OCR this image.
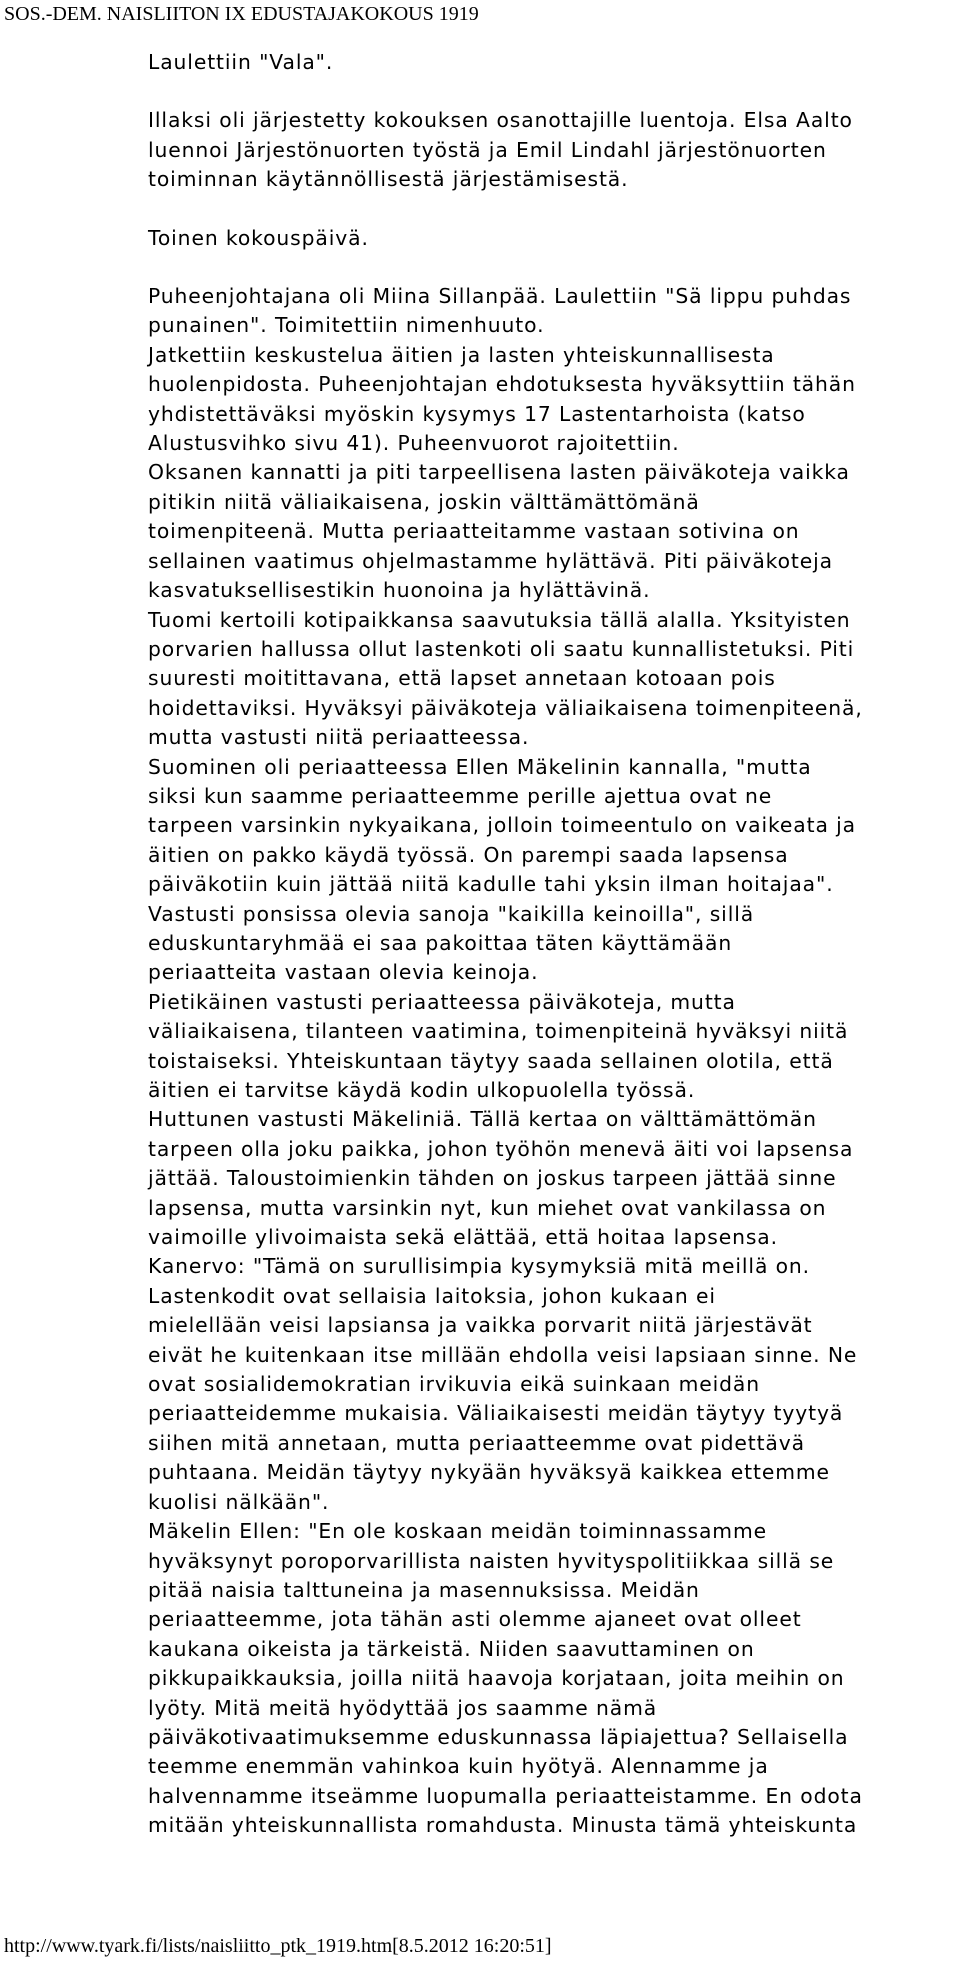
SOS.-DEM. NAISLIITON IX EDUSTAJAKOKOUS 1919

Laulettiin "Vala".

Illaksi oli järjestetty kokouksen osanottajille luentoja. Elsa Aalto

luennoi Järjestönuorten työstä ja Emil Lindahl järjestönuorten

toiminnan käytännöllisestä järjestämisestä.

Toinen kokouspäivä.

Puheenjohtajana oli Miina Sillanpää. Laulettiin "Sä lippu puhdas

punainen". Toimitettiin nimenhuuto.

Jatkettiin keskustelua äitien ja lasten yhteiskunnallisesta

huolenpidosta. Puheenjohtajan ehdotuksesta hyväksyttiin tähän

yhdistettäväksi myöskin kysymys 17 Lastentarhoista (katso

Alustusvihko sivu 41). Puheenvuorot rajoitettiin.

Oksanen kannatti ja piti tarpeellisena lasten päiväkoteja vaikka

pitikin niitä väliaikaisena, joskin välttämättömänä

toimenpiteenä. Mutta periaatteitamme vastaan sotivina on

sellainen vaatimus ohjelmastamme hylättävä. Piti päiväkoteja

kasvatuksellisestikin huonoina ja hylättävinä.

Tuomi kertoili kotipaikkansa saavutuksia tällä alalla. Yksityisten

porvarien hallussa ollut lastenkoti oli saatu kunnallistetuksi. Piti

suuresti moitittavana, että lapset annetaan kotoaan pois

hoidettaviksi. Hyväksyi päiväkoteja väliaikaisena toimenpiteenä,

mutta vastusti niitä periaatteessa.

Suominen oli periaatteessa Ellen Mäkelinin kannalla, "mutta

siksi kun saamme periaatteemme perille ajettua ovat ne

tarpeen varsinkin nykyaikana, jolloin toimeentulo on vaikeata ja

äitien on pakko käydä työssä. On parempi saada lapsensa

päiväkotiin kuin jättää niitä kadulle tahi yksin ilman hoitajaa".

Vastusti ponsissa olevia sanoja "kaikilla keinoilla", sillä

eduskuntaryhmää ei saa pakoittaa täten käyttämään

periaatteita vastaan olevia keinoja.

Pietikäinen vastusti periaatteessa päiväkoteja, mutta

väliaikaisena, tilanteen vaatimina, toimenpiteinä hyväksyi niitä

toistaiseksi. Yhteiskuntaan täytyy saada sellainen olotila, että

äitien ei tarvitse käydä kodin ulkopuolella työssä.

Huttunen vastusti Mäkeliniä. Tällä kertaa on välttämättömän

tarpeen olla joku paikka, johon työhön menevä äiti voi lapsensa

jättää. Taloustoimienkin tähden on joskus tarpeen jättää sinne

lapsensa, mutta varsinkin nyt, kun miehet ovat vankilassa on

vaimoille ylivoimaista sekä elättää, että hoitaa lapsensa.

Kanervo: "Tämä on surullisimpia kysymyksiä mitä meillä on.

Lastenkodit ovat sellaisia laitoksia, johon kukaan ei

mielellään veisi lapsiansa ja vaikka porvarit niitä järjestävät

eivät he kuitenkaan itse millään ehdolla veisi lapsiaan sinne. Ne

ovat sosialidemokratian irvikuvia eikä suinkaan meidän

periaatteidemme mukaisia. Väliaikaisesti meidän täytyy tyytyä

siihen mitä annetaan, mutta periaatteemme ovat pidettävä

puhtaana. Meidän täytyy nykyään hyväksyä kaikkea ettemme

kuolisi nälkään".

Mäkelin Ellen: "En ole koskaan meidän toiminnassamme

hyväksynyt poroporvarillista naisten hyvityspolitiikkaa sillä se

pitää naisia talttuneina ja masennuksissa. Meidän

periaatteemme, jota tähän asti olemme ajaneet ovat olleet

kaukana oikeista ja tärkeistä. Niiden saavuttaminen on

pikkupaikkauksia, joilla niitä haavoja korjataan, joita meihin on

lyöty. Mitä meitä hyödyttää jos saamme nämä

päiväkotivaatimuksemme eduskunnassa läpiajettua? Sellaisella

teemme enemmän vahinkoa kuin hyötyä. Alennamme ja

halvennamme itseämme luopumalla periaatteistamme. En odota

mitään yhteiskunnallista romahdusta. Minusta tämä yhteiskunta

http://www.tyark.fi/lists/naisliitto_ptk_1919.htm[8.5.2012 16:20:51]
